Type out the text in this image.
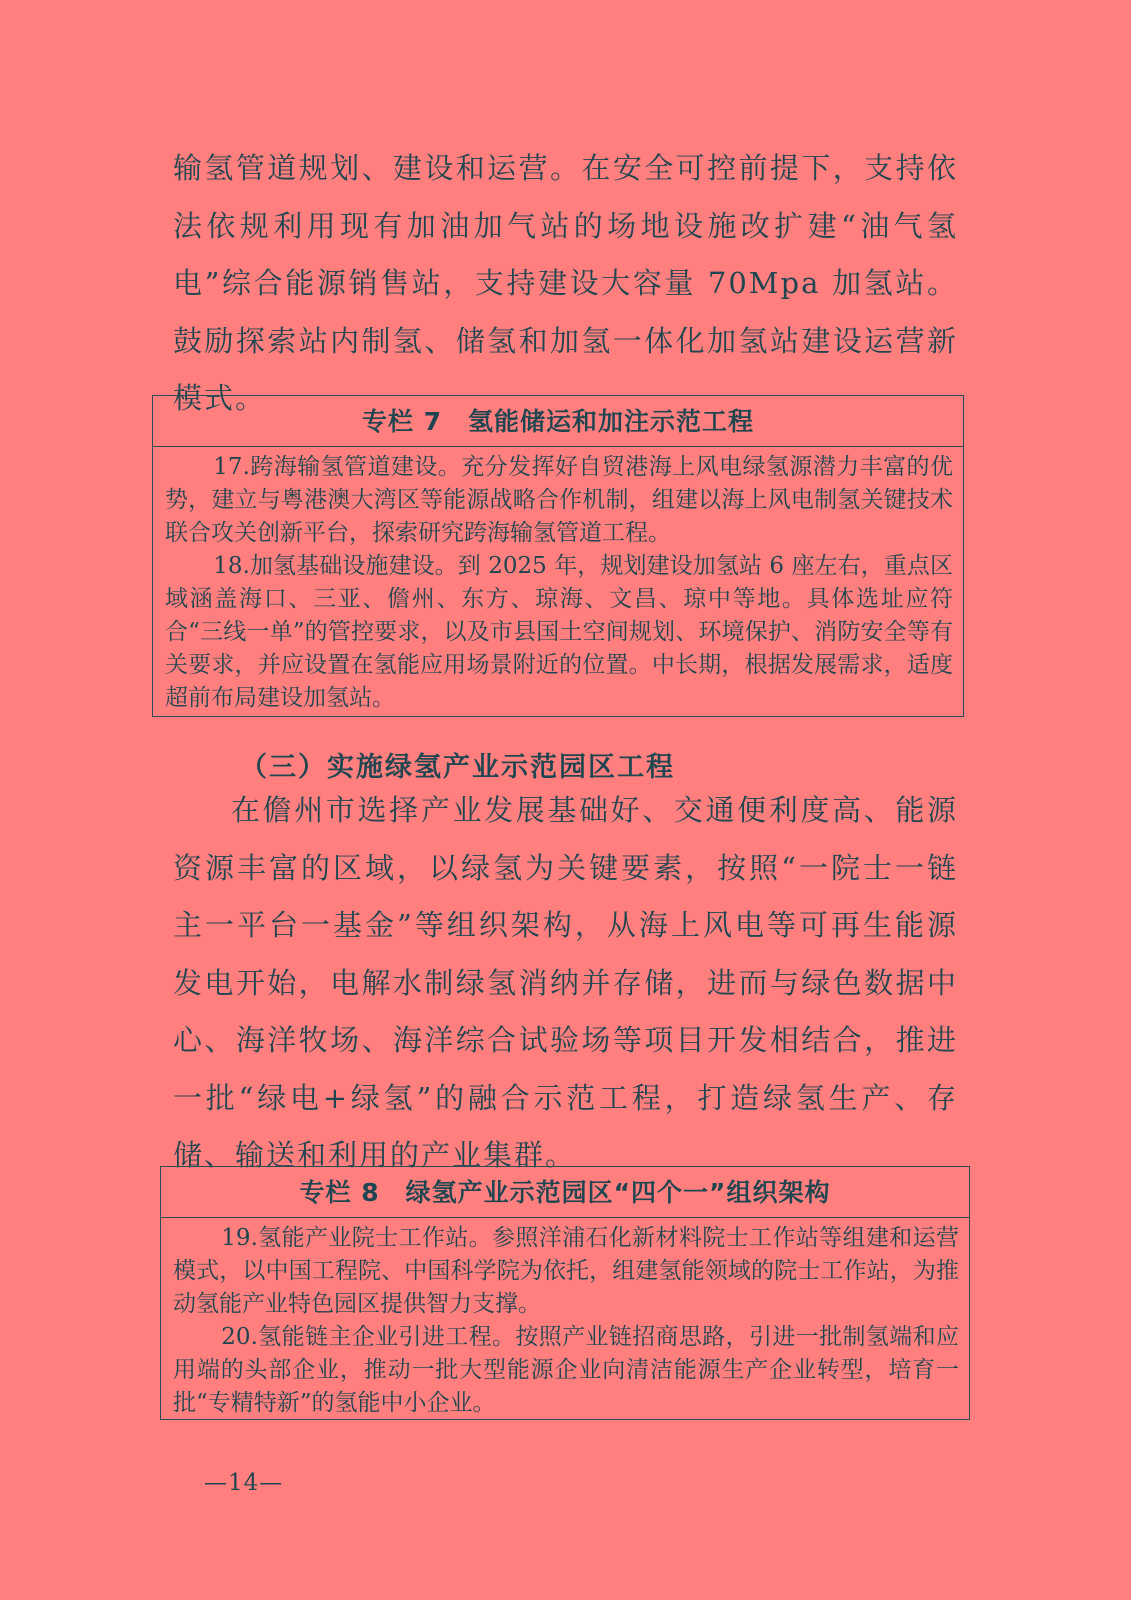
输氢管道规划、建设和运营。在安全可控前提下，支持依法依规利用现有加油加气站的场地设施改扩建“油气氢电”综合能源销售站，支持建设大容量 70Mpa 加氢站。鼓励探索站内制氢、储氢和加氢一体化加氢站建设运营新模式。

专栏 7　氢能储运和加注示范工程

17.跨海输氢管道建设。充分发挥好自贸港海上风电绿氢源潜力丰富的优势，建立与粤港澳大湾区等能源战略合作机制，组建以海上风电制氢关键技术联合攻关创新平台，探索研究跨海输氢管道工程。

18.加氢基础设施建设。到 2025 年，规划建设加氢站 6 座左右，重点区域涵盖海口、三亚、儋州、东方、琼海、文昌、琼中等地。具体选址应符合“三线一单”的管控要求，以及市县国土空间规划、环境保护、消防安全等有关要求，并应设置在氢能应用场景附近的位置。中长期，根据发展需求，适度超前布局建设加氢站。

（三）实施绿氢产业示范园区工程

在儋州市选择产业发展基础好、交通便利度高、能源资源丰富的区域，以绿氢为关键要素，按照“一院士一链主一平台一基金”等组织架构，从海上风电等可再生能源发电开始，电解水制绿氢消纳并存储，进而与绿色数据中心、海洋牧场、海洋综合试验场等项目开发相结合，推进一批“绿电+绿氢”的融合示范工程，打造绿氢生产、存储、输送和利用的产业集群。

专栏 8　绿氢产业示范园区“四个一”组织架构

19.氢能产业院士工作站。参照洋浦石化新材料院士工作站等组建和运营模式，以中国工程院、中国科学院为依托，组建氢能领域的院士工作站，为推动氢能产业特色园区提供智力支撑。

20.氢能链主企业引进工程。按照产业链招商思路，引进一批制氢端和应用端的头部企业，推动一批大型能源企业向清洁能源生产企业转型，培育一批“专精特新”的氢能中小企业。

—14—
